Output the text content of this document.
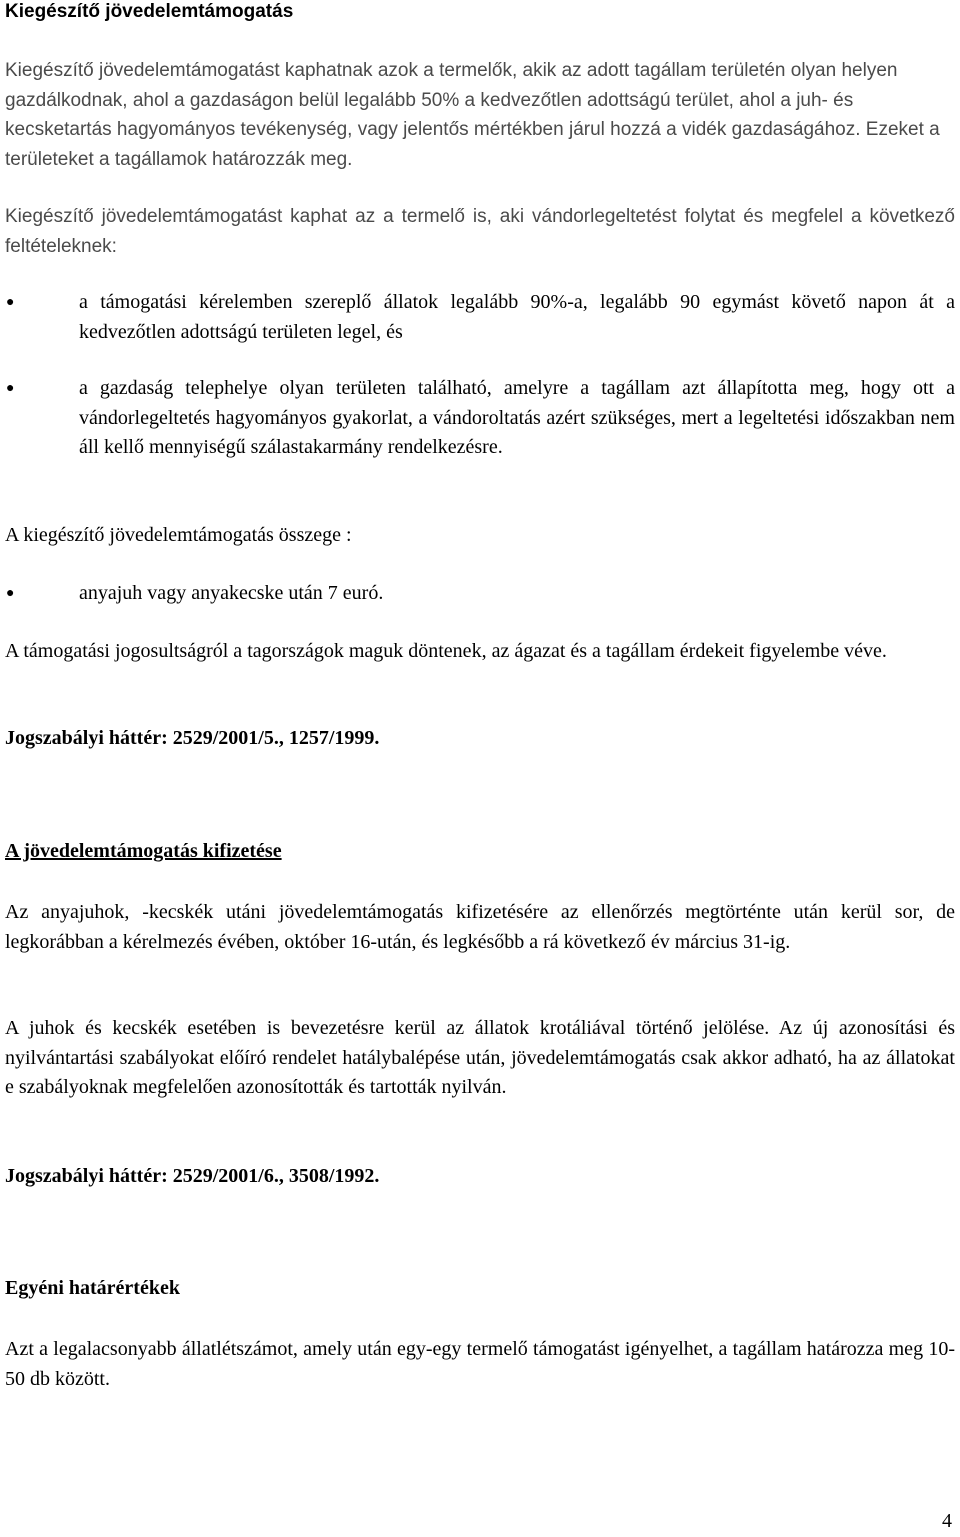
Kiegészítő jövedelemtámogatás

Kiegészítő jövedelemtámogatást kaphatnak azok a termelők, akik az adott tagállam területén olyan helyen gazdálkodnak, ahol a gazdaságon belül legalább 50% a kedvezőtlen adottságú terület, ahol a juh- és kecsketartás hagyományos tevékenység, vagy jelentős mértékben járul hozzá a vidék gazdaságához. Ezeket a területeket a tagállamok határozzák meg.

Kiegészítő jövedelemtámogatást kaphat az a termelő is, aki vándorlegeltetést folytat és megfelel a következő feltételeknek:

●	a támogatási kérelemben szereplő állatok legalább 90%-a, legalább 90 egymást követő napon át a kedvezőtlen adottságú területen legel, és
●	a gazdaság telephelye olyan területen található, amelyre a tagállam azt állapította meg, hogy ott a vándorlegeltetés hagyományos gyakorlat, a vándoroltatás azért szükséges, mert a legeltetési időszakban nem áll kellő mennyiségű szálastakarmány rendelkezésre.

A kiegészítő jövedelemtámogatás összege :

●	anyajuh vagy anyakecske után 7 euró.

A támogatási jogosultságról a tagországok maguk döntenek, az ágazat és a tagállam érdekeit figyelembe véve.

Jogszabályi háttér: 2529/2001/5., 1257/1999.

A jövedelemtámogatás kifizetése

Az anyajuhok, -kecskék utáni jövedelemtámogatás kifizetésére az ellenőrzés megtörténte után kerül sor, de legkorábban a kérelmezés évében, október 16-után, és legkésőbb a rá következő év március 31-ig.

A juhok és kecskék esetében is bevezetésre kerül az állatok krotáliával történő jelölése. Az új azonosítási és nyilvántartási szabályokat előíró rendelet hatálybalépése után, jövedelemtámogatás csak akkor adható, ha az állatokat e szabályoknak megfelelően azonosították és tartották nyilván.

Jogszabályi háttér: 2529/2001/6., 3508/1992.

Egyéni határértékek

Azt a legalacsonyabb állatlétszámot, amely után egy-egy termelő támogatást igényelhet, a tagállam határozza meg 10-50 db között.

4
